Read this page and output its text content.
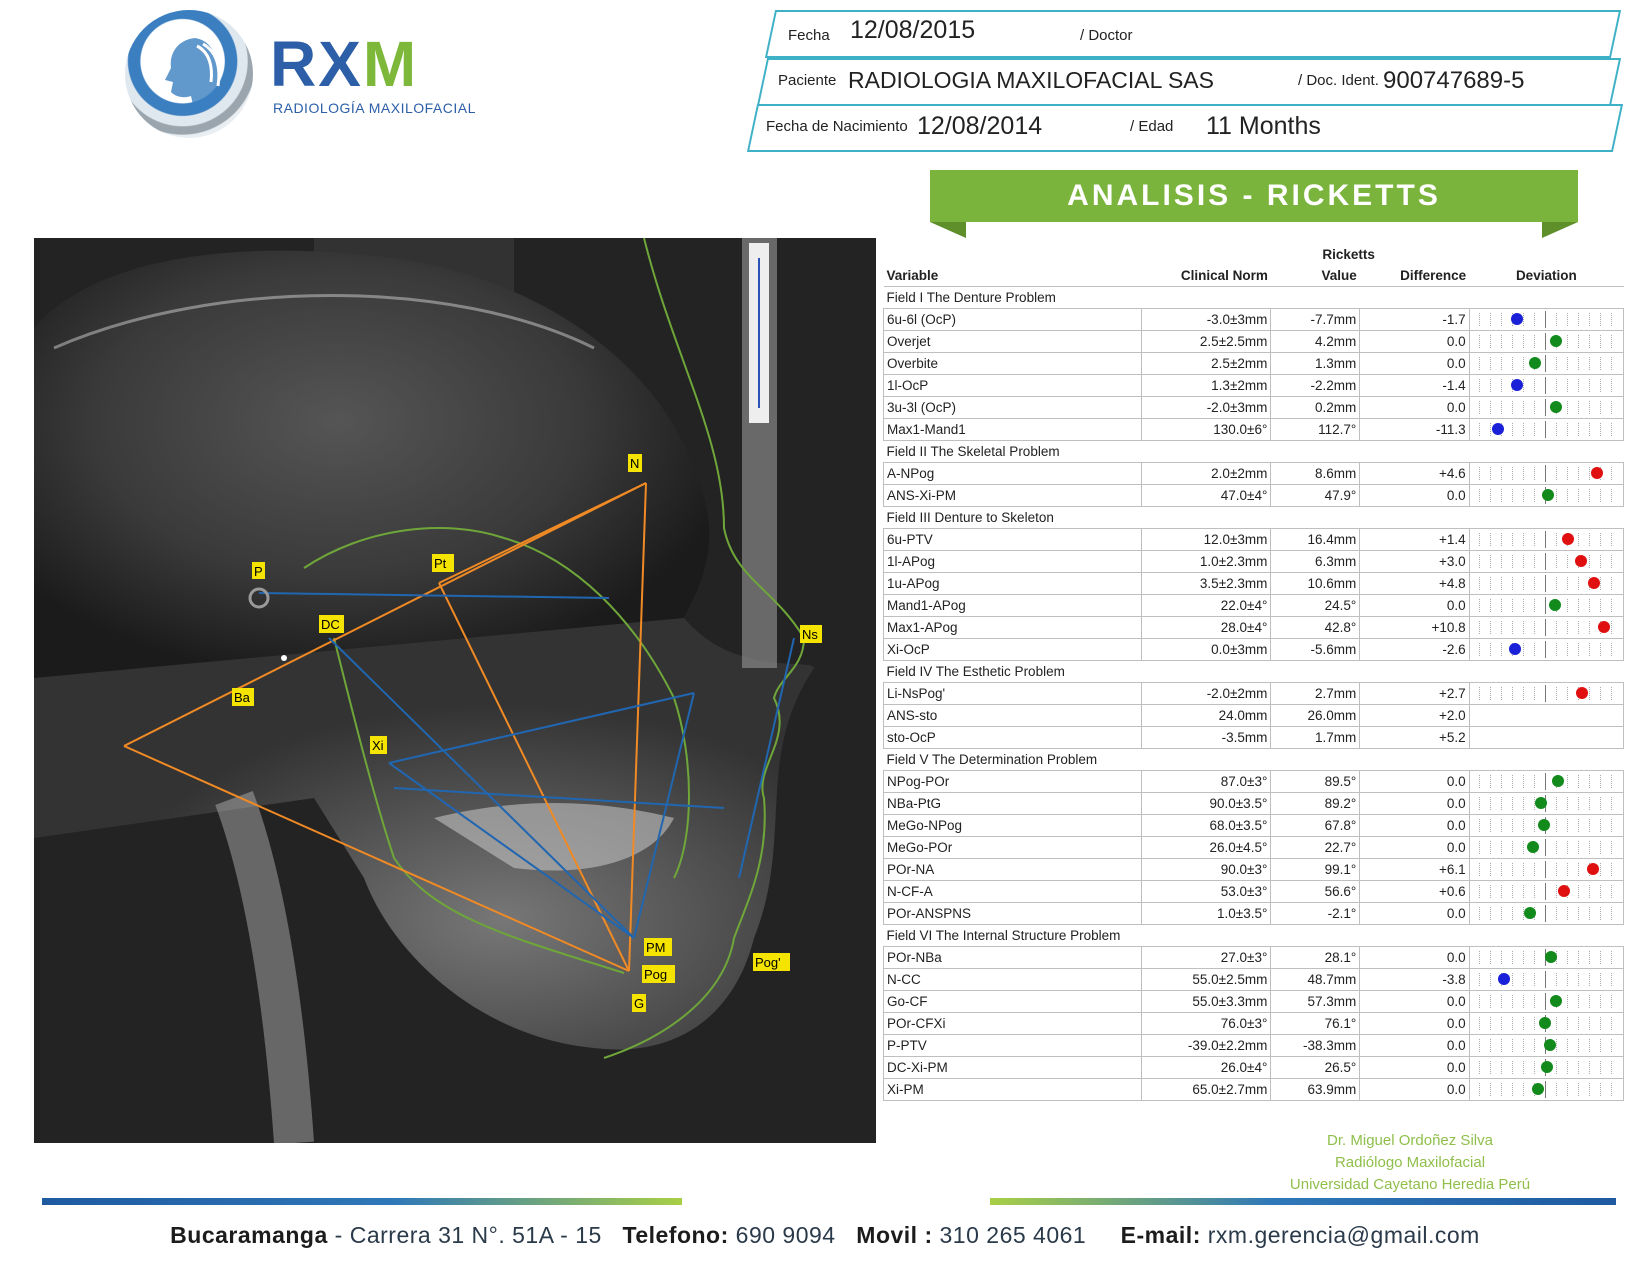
RXM
RADIOLOGÍA MAXILOFACIAL
Fecha 12/08/2015	/ Doctor
Paciente RADIOLOGIA MAXILOFACIAL SAS	/ Doc. Ident. 900747689-5
Fecha de Nacimiento 12/08/2014	/ Edad 11 Months
ANALISIS - RICKETTS
N
P
Pt
DC
Ns
Ba
Xi
PM
Pog
Pog'
G
	Ricketts			
Variable	Clinical Norm	Value	Difference	Deviation
Field I The Denture Problem				
6u-6l (OcP)	-3.0±3mm	-7.7mm	-1.7	

Overjet	2.5±2.5mm	4.2mm	0.0	

Overbite	2.5±2mm	1.3mm	0.0	

1l-OcP	1.3±2mm	-2.2mm	-1.4	

3u-3l (OcP)	-2.0±3mm	0.2mm	0.0	

Max1-Mand1	130.0±6°	112.7°	-11.3	

Field II The Skeletal Problem				
A-NPog	2.0±2mm	8.6mm	+4.6	

ANS-Xi-PM	47.0±4°	47.9°	0.0	

Field III Denture to Skeleton				
6u-PTV	12.0±3mm	16.4mm	+1.4	

1l-APog	1.0±2.3mm	6.3mm	+3.0	

1u-APog	3.5±2.3mm	10.6mm	+4.8	

Mand1-APog	22.0±4°	24.5°	0.0	

Max1-APog	28.0±4°	42.8°	+10.8	

Xi-OcP	0.0±3mm	-5.6mm	-2.6	

Field IV The Esthetic Problem				
Li-NsPog'	-2.0±2mm	2.7mm	+2.7	

ANS-sto	24.0mm	26.0mm	+2.0	
sto-OcP	-3.5mm	1.7mm	+5.2	
Field V The Determination Problem				
NPog-POr	87.0±3°	89.5°	0.0	

NBa-PtG	90.0±3.5°	89.2°	0.0	

MeGo-NPog	68.0±3.5°	67.8°	0.0	

MeGo-POr	26.0±4.5°	22.7°	0.0	

POr-NA	90.0±3°	99.1°	+6.1	

N-CF-A	53.0±3°	56.6°	+0.6	

POr-ANSPNS	1.0±3.5°	-2.1°	0.0	

Field VI The Internal Structure Problem				
POr-NBa	27.0±3°	28.1°	0.0	

N-CC	55.0±2.5mm	48.7mm	-3.8	

Go-CF	55.0±3.3mm	57.3mm	0.0	

POr-CFXi	76.0±3°	76.1°	0.0	

P-PTV	-39.0±2.2mm	-38.3mm	0.0	

DC-Xi-PM	26.0±4°	26.5°	0.0	

Xi-PM	65.0±2.7mm	63.9mm	0.0	
Dr. Miguel Ordoñez Silva
Radiólogo Maxilofacial
Universidad Cayetano Heredia Perú
Bucaramanga - Carrera 31 N°. 51A - 15 Telefono: 690 9094 Movil : 310 265 4061 E-mail: rxm.gerencia@gmail.com
